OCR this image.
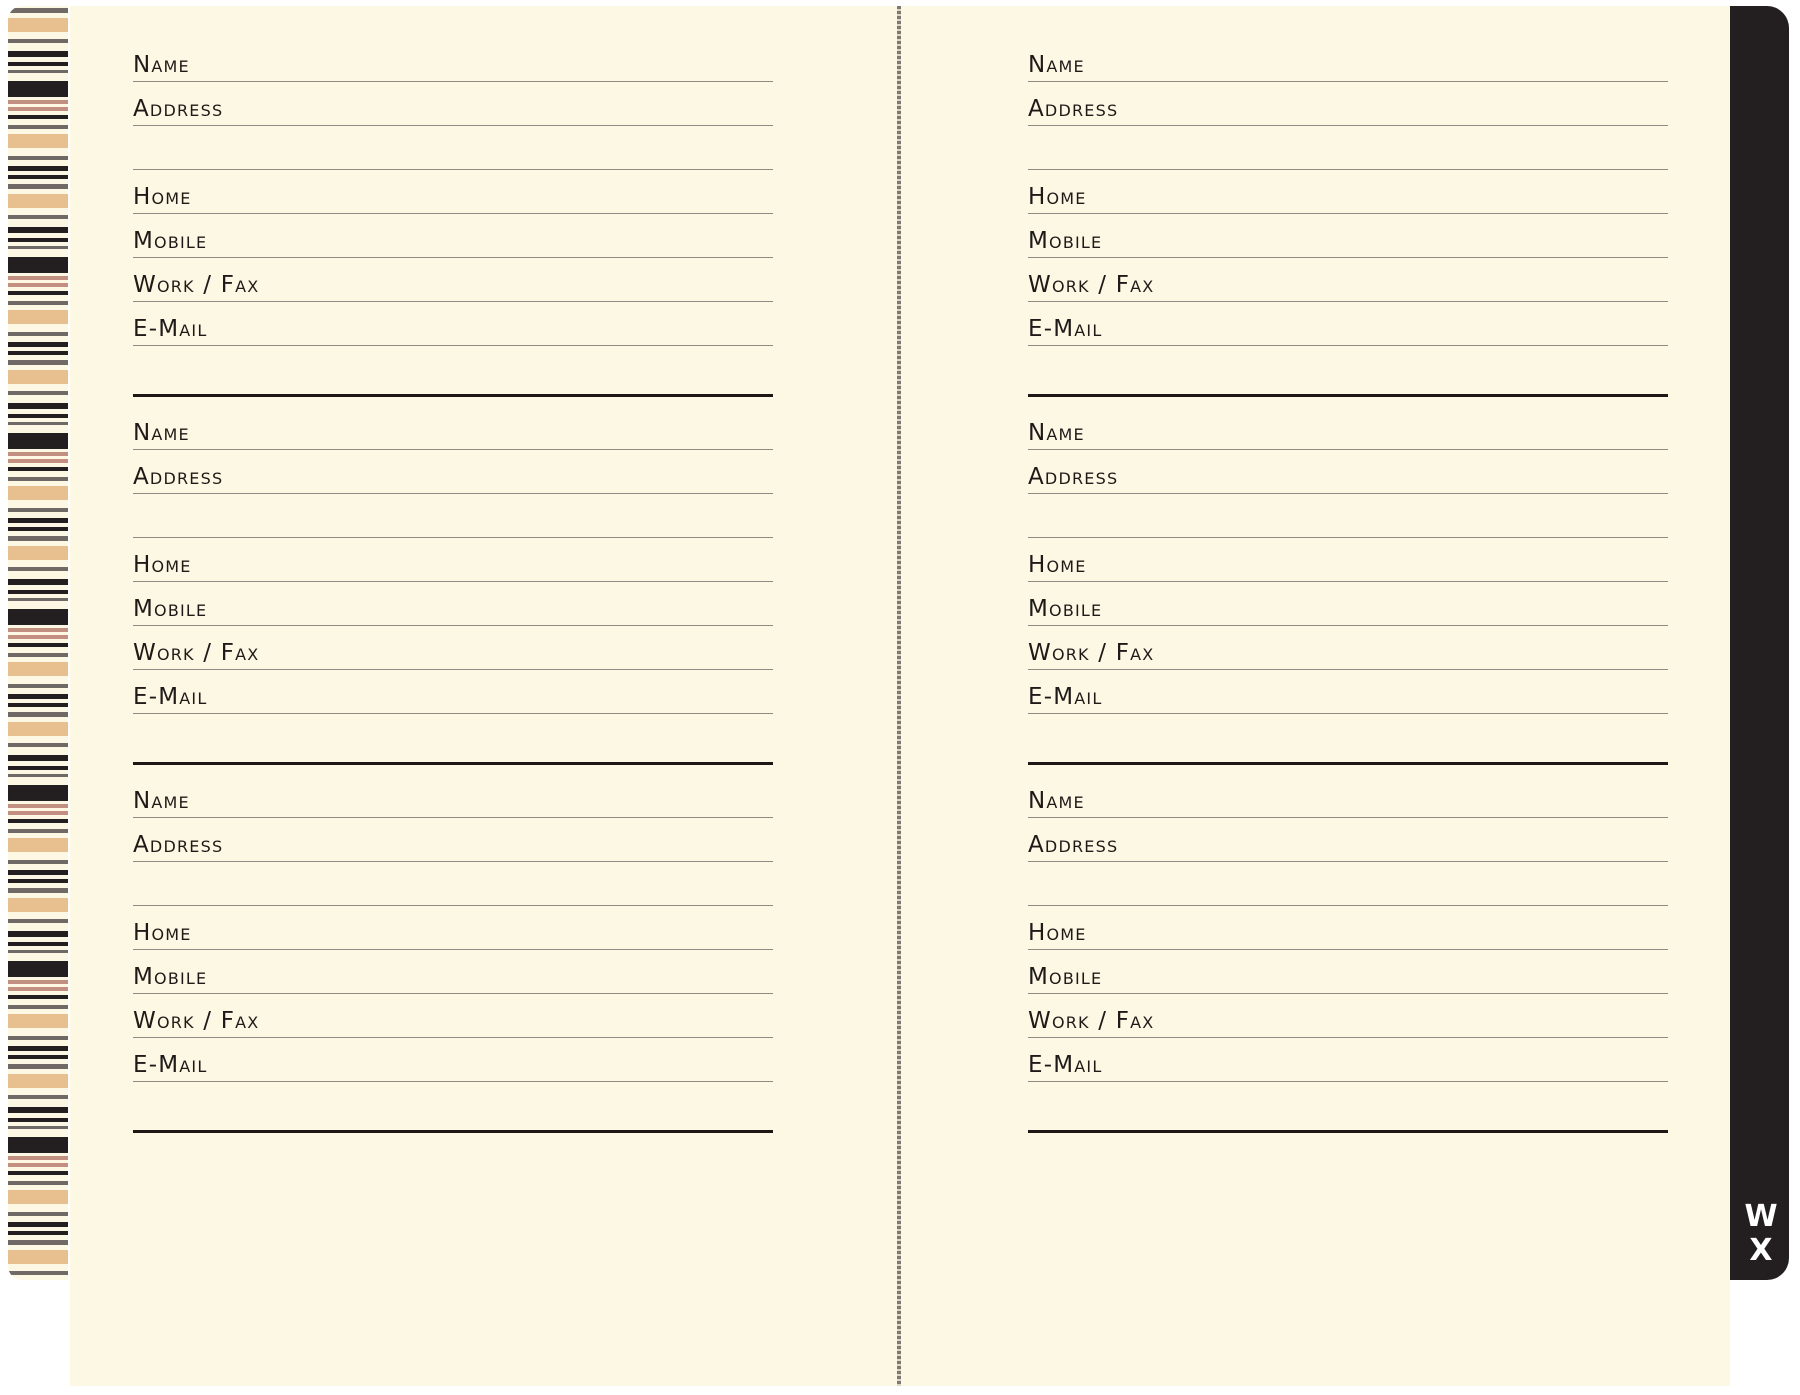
Name
Address
Home
Mobile
Work / Fax
E-Mail
Name
Address
Home
Mobile
Work / Fax
E-Mail
Name
Address
Home
Mobile
Work / Fax
E-Mail
Name
Address
Home
Mobile
Work / Fax
E-Mail
Name
Address
Home
Mobile
Work / Fax
E-Mail
Name
Address
Home
Mobile
Work / Fax
E-Mail
W
X
